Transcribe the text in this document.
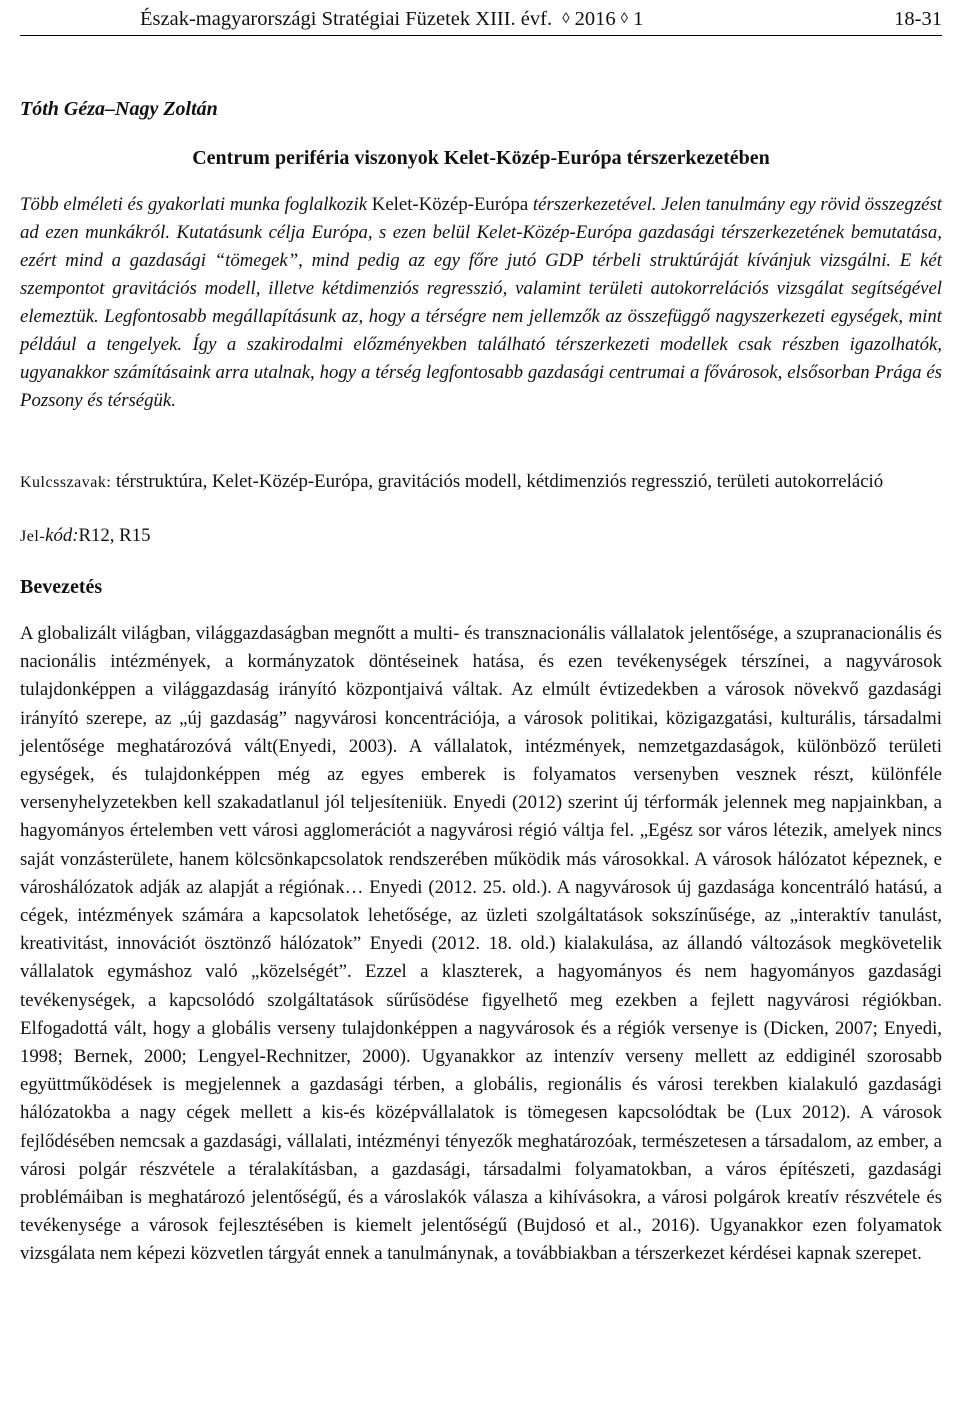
Észak-magyarországi Stratégiai Füzetek XIII. évf. ◊ 2016 ◊ 1	18-31
Tóth Géza–Nagy Zoltán
Centrum periféria viszonyok Kelet-Közép-Európa térszerkezetében

Több elméleti és gyakorlati munka foglalkozik Kelet-Közép-Európa térszerkezetével. Jelen tanulmány egy rövid összegzést ad ezen munkákról. Kutatásunk célja Európa, s ezen belül Kelet-Közép-Európa gazdasági térszerkezetének bemutatása, ezért mind a gazdasági “tömegek”, mind pedig az egy főre jutó GDP térbeli struktúráját kívánjuk vizsgálni. E két szempontot gravitációs modell, illetve kétdimenziós regresszió, valamint területi autokorrelációs vizsgálat segítségével elemeztük. Legfontosabb megállapításunk az, hogy a térségre nem jellemzők az összefüggő nagyszerkezeti egységek, mint például a tengelyek. Így a szakirodalmi előzményekben található térszerkezeti modellek csak részben igazolhatók, ugyanakkor számításaink arra utalnak, hogy a térség legfontosabb gazdasági centrumai a fővárosok, elsősorban Prága és Pozsony és térségük.

Kulcsszavak: térstruktúra, Kelet-Közép-Európa, gravitációs modell, kétdimenziós regresszió, területi autokorreláció

Jel-kód:R12, R15
Bevezetés

A globalizált világban, világgazdaságban megnőtt a multi- és transznacionális vállalatok jelentősége, a szupranacionális és nacionális intézmények, a kormányzatok döntéseinek hatása, és ezen tevékenységek térszínei, a nagyvárosok tulajdonképpen a világgazdaság irányító központjaivá váltak. Az elmúlt évtizedekben a városok növekvő gazdasági irányító szerepe, az „új gazdaság” nagyvárosi koncentrációja, a városok politikai, közigazgatási, kulturális, társadalmi jelentősége meghatározóvá vált(Enyedi, 2003). A vállalatok, intézmények, nemzetgazdaságok, különböző területi egységek, és tulajdonképpen még az egyes emberek is folyamatos versenyben vesznek részt, különféle versenyhelyzetekben kell szakadatlanul jól teljesíteniük. Enyedi (2012) szerint új térformák jelennek meg napjainkban, a hagyományos értelemben vett városi agglomerációt a nagyvárosi régió váltja fel. „Egész sor város létezik, amelyek nincs saját vonzásterülete, hanem kölcsönkapcsolatok rendszerében működik más városokkal. A városok hálózatot képeznek, e városhálózatok adják az alapját a régiónak… Enyedi (2012. 25. old.). A nagyvárosok új gazdasága koncentráló hatású, a cégek, intézmények számára a kapcsolatok lehetősége, az üzleti szolgáltatások sokszínűsége, az „interaktív tanulást, kreativitást, innovációt ösztönző hálózatok” Enyedi (2012. 18. old.) kialakulása, az állandó változások megkövetelik vállalatok egymáshoz való „közelségét”. Ezzel a klaszterek, a hagyományos és nem hagyományos gazdasági tevékenységek, a kapcsolódó szolgáltatások sűrűsödése figyelhető meg ezekben a fejlett nagyvárosi régiókban. Elfogadottá vált, hogy a globális verseny tulajdonképpen a nagyvárosok és a régiók versenye is (Dicken, 2007; Enyedi, 1998; Bernek, 2000; Lengyel-Rechnitzer, 2000). Ugyanakkor az intenzív verseny mellett az eddiginél szorosabb együttműködések is megjelennek a gazdasági térben, a globális, regionális és városi terekben kialakuló gazdasági hálózatokba a nagy cégek mellett a kis-és középvállalatok is tömegesen kapcsolódtak be (Lux 2012). A városok fejlődésében nemcsak a gazdasági, vállalati, intézményi tényezők meghatározóak, természetesen a társadalom, az ember, a városi polgár részvétele a téralakításban, a gazdasági, társadalmi folyamatokban, a város építészeti, gazdasági problémáiban is meghatározó jelentőségű, és a városlakók válasza a kihívásokra, a városi polgárok kreatív részvétele és tevékenysége a városok fejlesztésében is kiemelt jelentőségű (Bujdosó et al., 2016). Ugyanakkor ezen folyamatok vizsgálata nem képezi közvetlen tárgyát ennek a tanulmánynak, a továbbiakban a térszerkezet kérdései kapnak szerepet.
